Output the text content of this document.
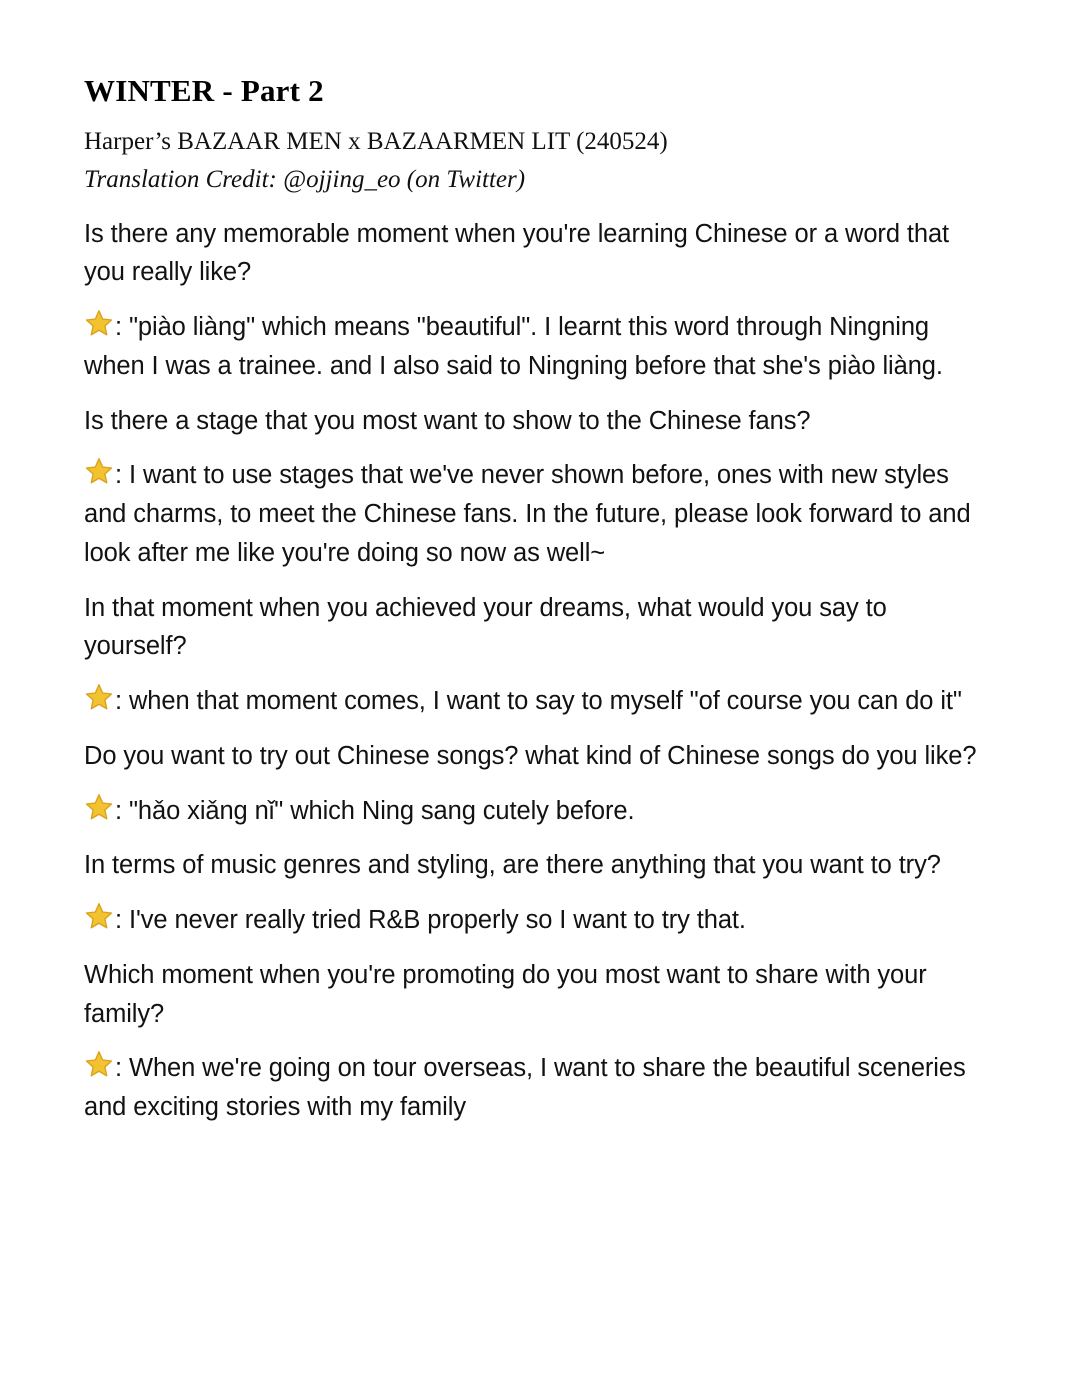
WINTER - Part 2

Harper’s BAZAAR MEN x BAZAARMEN LIT (240524)

Translation Credit: @ojjing_eo (on Twitter)

Is there any memorable moment when you're learning Chinese or a word that you really like?

: "piào liàng" which means "beautiful". I learnt this word through Ningning when I was a trainee. and I also said to Ningning before that she's piào liàng.

Is there a stage that you most want to show to the Chinese fans?

: I want to use stages that we've never shown before, ones with new styles and charms, to meet the Chinese fans. In the future, please look forward to and look after me like you're doing so now as well~

In that moment when you achieved your dreams, what would you say to yourself?

: when that moment comes, I want to say to myself "of course you can do it"

Do you want to try out Chinese songs? what kind of Chinese songs do you like?

: "hǎo xiǎng nǐ" which Ning sang cutely before.

In terms of music genres and styling, are there anything that you want to try?

: I've never really tried R&B properly so I want to try that.

Which moment when you're promoting do you most want to share with your family?

: When we're going on tour overseas, I want to share the beautiful sceneries and exciting stories with my family
